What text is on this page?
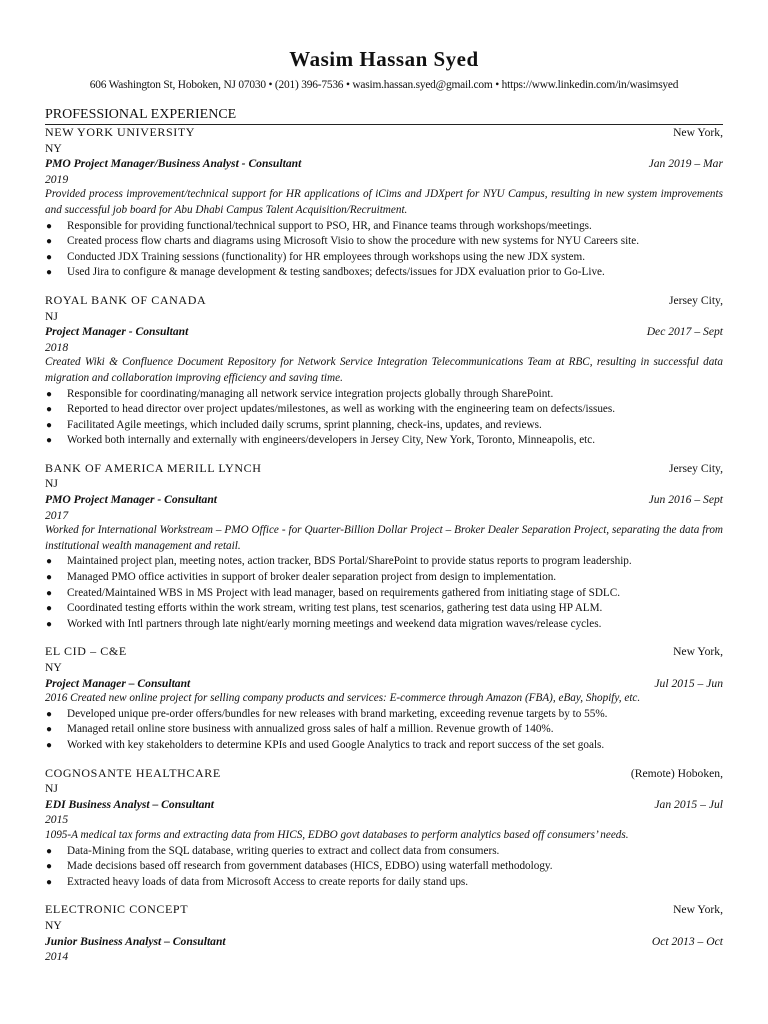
Wasim Hassan Syed
606 Washington St, Hoboken, NJ 07030 • (201) 396-7536 • wasim.hassan.syed@gmail.com • https://www.linkedin.com/in/wasimsyed
PROFESSIONAL EXPERIENCE
NEW YORK UNIVERSITY	New York,
NY
PMO Project Manager/Business Analyst - Consultant	Jan 2019 – Mar
2019
Provided process improvement/technical support for HR applications of iCims and JDXpert for NYU Campus, resulting in new system improvements and successful job board for Abu Dhabi Campus Talent Acquisition/Recruitment.
● Responsible for providing functional/technical support to PSO, HR, and Finance teams through workshops/meetings.
● Created process flow charts and diagrams using Microsoft Visio to show the procedure with new systems for NYU Careers site.
● Conducted JDX Training sessions (functionality) for HR employees through workshops using the new JDX system.
● Used Jira to configure & manage development & testing sandboxes; defects/issues for JDX evaluation prior to Go-Live.
ROYAL BANK OF CANADA	Jersey City,
NJ
Project Manager - Consultant	Dec 2017 – Sept
2018
Created Wiki & Confluence Document Repository for Network Service Integration Telecommunications Team at RBC, resulting in successful data migration and collaboration improving efficiency and saving time.
● Responsible for coordinating/managing all network service integration projects globally through SharePoint.
● Reported to head director over project updates/milestones, as well as working with the engineering team on defects/issues.
● Facilitated Agile meetings, which included daily scrums, sprint planning, check-ins, updates, and reviews.
● Worked both internally and externally with engineers/developers in Jersey City, New York, Toronto, Minneapolis, etc.
BANK OF AMERICA MERILL LYNCH	Jersey City,
NJ
PMO Project Manager - Consultant	Jun 2016 – Sept
2017
Worked for International Workstream – PMO Office - for Quarter-Billion Dollar Project – Broker Dealer Separation Project, separating the data from institutional wealth management and retail.
● Maintained project plan, meeting notes, action tracker, BDS Portal/SharePoint to provide status reports to program leadership.
● Managed PMO office activities in support of broker dealer separation project from design to implementation.
● Created/Maintained WBS in MS Project with lead manager, based on requirements gathered from initiating stage of SDLC.
● Coordinated testing efforts within the work stream, writing test plans, test scenarios, gathering test data using HP ALM.
● Worked with Intl partners through late night/early morning meetings and weekend data migration waves/release cycles.
EL CID – C&E	New York,
NY
Project Manager – Consultant	Jul 2015 – Jun
2016 Created new online project for selling company products and services: E-commerce through Amazon (FBA), eBay, Shopify, etc.
● Developed unique pre-order offers/bundles for new releases with brand marketing, exceeding revenue targets by to 55%.
● Managed retail online store business with annualized gross sales of half a million. Revenue growth of 140%.
● Worked with key stakeholders to determine KPIs and used Google Analytics to track and report success of the set goals.
COGNOSANTE HEALTHCARE	(Remote) Hoboken,
NJ
EDI Business Analyst – Consultant	Jan 2015 – Jul
2015
1095-A medical tax forms and extracting data from HICS, EDBO govt databases to perform analytics based off consumers’ needs.
● Data-Mining from the SQL database, writing queries to extract and collect data from consumers.
● Made decisions based off research from government databases (HICS, EDBO) using waterfall methodology.
● Extracted heavy loads of data from Microsoft Access to create reports for daily stand ups.
ELECTRONIC CONCEPT	New York,
NY
Junior Business Analyst – Consultant	Oct 2013 – Oct
2014
